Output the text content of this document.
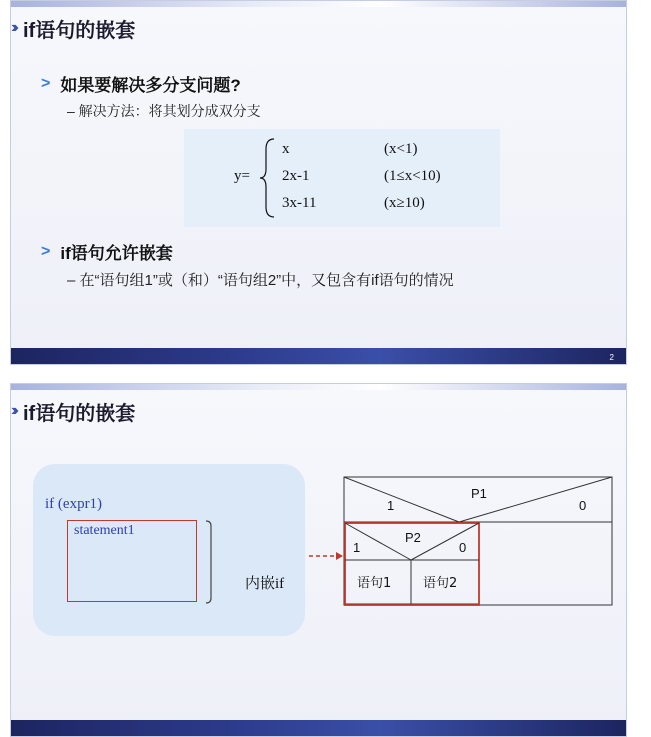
››› if语句的嵌套
> 如果要解决多分支问题?
– 解决方法：将其划分成双分支
y=
x	(x<1)
2x-1	(1≤x<10)
3x-11	(x≥10)
> if语句允许嵌套
– 在“语句组1”或（和）“语句组2”中，又包含有if语句的情况
2
››› if语句的嵌套
if (expr1)
statement1
内嵌if
1
P1
0
1
P2
0
语句1 语句2
